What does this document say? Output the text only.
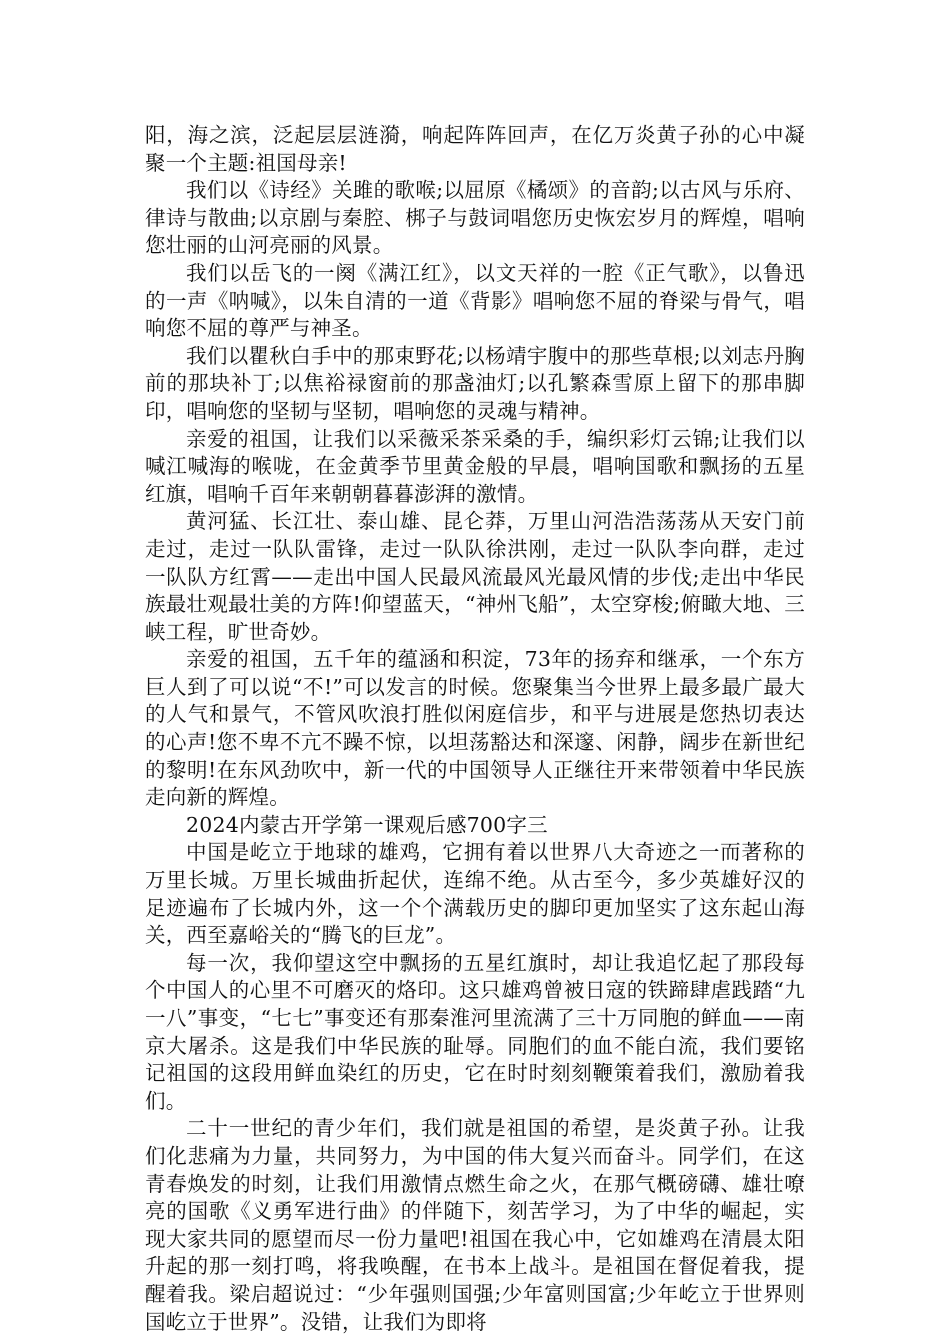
阳，海之滨，泛起层层涟漪，响起阵阵回声，在亿万炎黄子孙的心中凝聚一个主题:祖国母亲!

我们以《诗经》关雎的歌喉;以屈原《橘颂》的音韵;以古风与乐府、律诗与散曲;以京剧与秦腔、梆子与鼓词唱您历史恢宏岁月的辉煌，唱响您壮丽的山河亮丽的风景。

我们以岳飞的一阕《满江红》，以文天祥的一腔《正气歌》，以鲁迅的一声《呐喊》，以朱自清的一道《背影》唱响您不屈的脊梁与骨气，唱响您不屈的尊严与神圣。

我们以瞿秋白手中的那束野花;以杨靖宇腹中的那些草根;以刘志丹胸前的那块补丁;以焦裕禄窗前的那盏油灯;以孔繁森雪原上留下的那串脚印，唱响您的坚韧与坚韧，唱响您的灵魂与精神。

亲爱的祖国，让我们以采薇采茶采桑的手，编织彩灯云锦;让我们以喊江喊海的喉咙，在金黄季节里黄金般的早晨，唱响国歌和飘扬的五星红旗，唱响千百年来朝朝暮暮澎湃的激情。

黄河猛、长江壮、泰山雄、昆仑莽，万里山河浩浩荡荡从天安门前走过，走过一队队雷锋，走过一队队徐洪刚，走过一队队李向群，走过一队队方红霄——走出中国人民最风流最风光最风情的步伐;走出中华民族最壮观最壮美的方阵!仰望蓝天，“神州飞船”，太空穿梭;俯瞰大地、三峡工程，旷世奇妙。

亲爱的祖国，五千年的蕴涵和积淀，73年的扬弃和继承，一个东方巨人到了可以说“不!”可以发言的时候。您聚集当今世界上最多最广最大的人气和景气，不管风吹浪打胜似闲庭信步，和平与进展是您热切表达的心声!您不卑不亢不躁不惊，以坦荡豁达和深邃、闲静，阔步在新世纪的黎明!在东风劲吹中，新一代的中国领导人正继往开来带领着中华民族走向新的辉煌。

2024内蒙古开学第一课观后感700字三

中国是屹立于地球的雄鸡，它拥有着以世界八大奇迹之一而著称的万里长城。万里长城曲折起伏，连绵不绝。从古至今，多少英雄好汉的足迹遍布了长城内外，这一个个满载历史的脚印更加坚实了这东起山海关，西至嘉峪关的“腾飞的巨龙”。

每一次，我仰望这空中飘扬的五星红旗时，却让我追忆起了那段每个中国人的心里不可磨灭的烙印。这只雄鸡曾被日寇的铁蹄肆虐践踏“九一八”事变，“七七”事变还有那秦淮河里流满了三十万同胞的鲜血——南京大屠杀。这是我们中华民族的耻辱。同胞们的血不能白流，我们要铭记祖国的这段用鲜血染红的历史，它在时时刻刻鞭策着我们，激励着我们。

二十一世纪的青少年们，我们就是祖国的希望，是炎黄子孙。让我们化悲痛为力量，共同努力，为中国的伟大复兴而奋斗。同学们，在这青春焕发的时刻，让我们用激情点燃生命之火，在那气概磅礴、雄壮嘹亮的国歌《义勇军进行曲》的伴随下，刻苦学习，为了中华的崛起，实现大家共同的愿望而尽一份力量吧!祖国在我心中，它如雄鸡在清晨太阳升起的那一刻打鸣，将我唤醒，在书本上战斗。是祖国在督促着我，提醒着我。梁启超说过：“少年强则国强;少年富则国富;少年屹立于世界则国屹立于世界”。没错，让我们为即将
